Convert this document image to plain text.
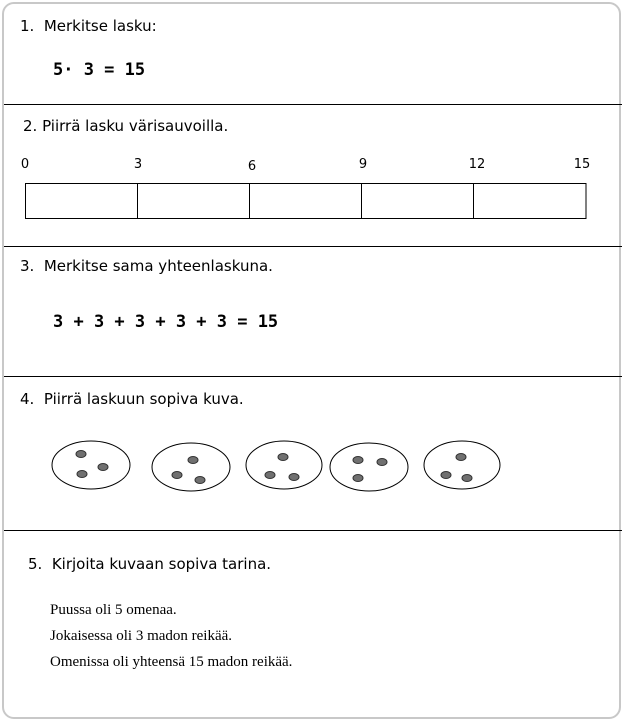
1.  Merkitse lasku:
5· 3 = 15
2. Piirrä lasku värisauvoilla.
0	3	6	9	12	15
3.  Merkitse sama yhteenlaskuna.
3 + 3 + 3 + 3 + 3 = 15
4.  Piirrä laskuun sopiva kuva.
5.  Kirjoita kuvaan sopiva tarina.
Puussa oli 5 omenaa.
Jokaisessa oli 3 madon reikää.
Omenissa oli yhteensä 15 madon reikää.
